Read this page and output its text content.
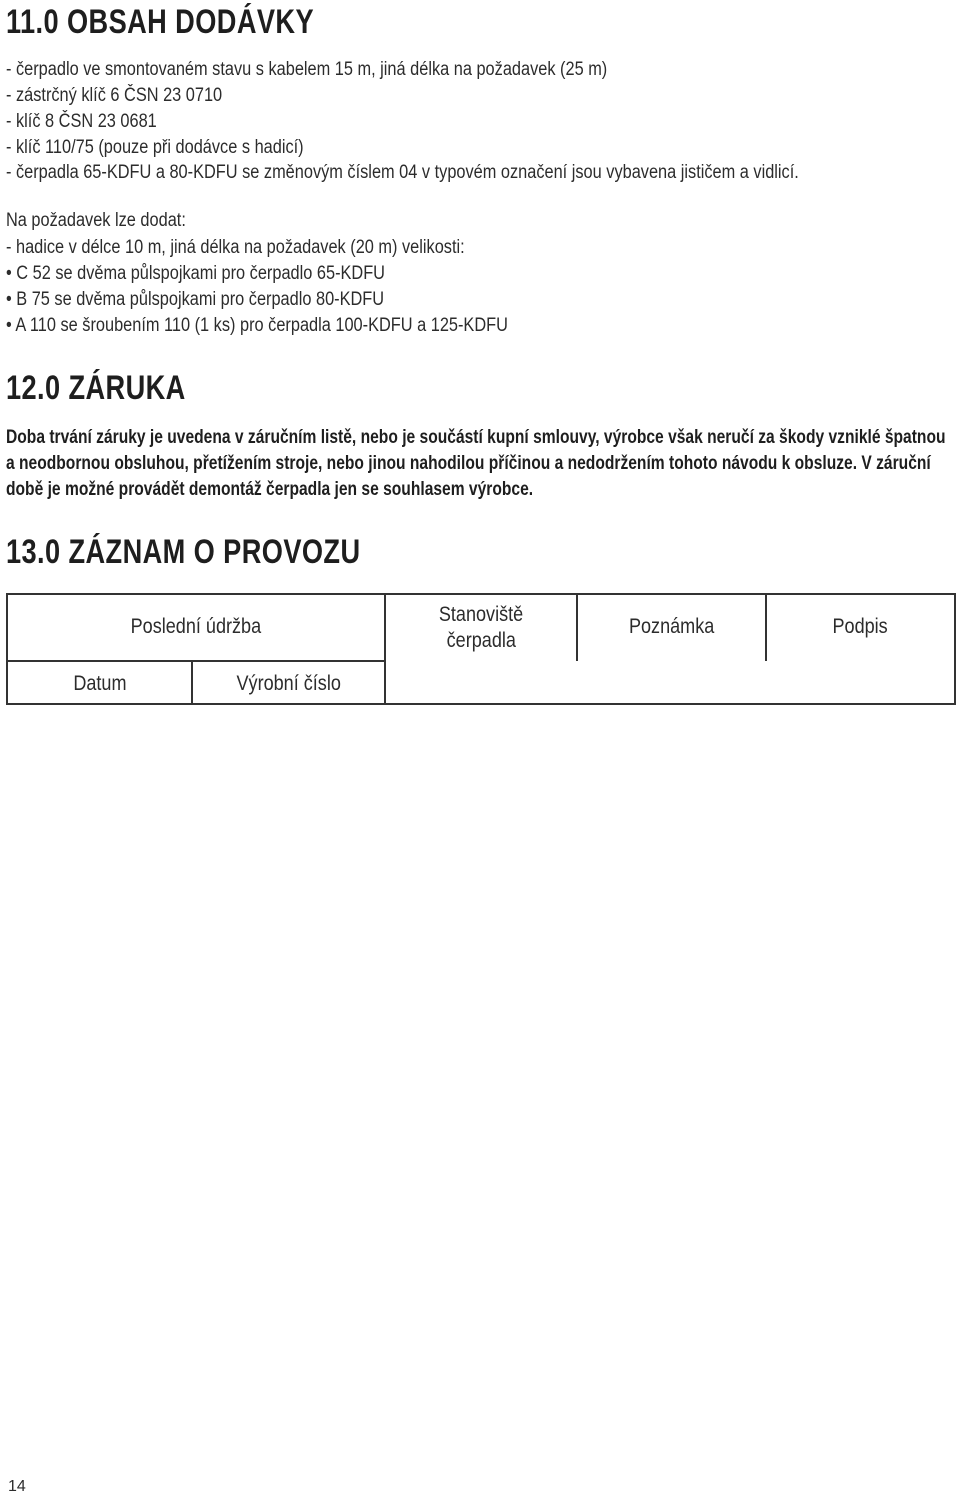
11.0 OBSAH DODÁVKY
- čerpadlo ve smontovaném stavu s kabelem 15 m, jiná délka na požadavek (25 m)
- zástrčný klíč 6 ČSN 23 0710
- klíč 8 ČSN 23 0681
- klíč 110/75 (pouze při dodávce s hadicí)
- čerpadla 65-KDFU a 80-KDFU se změnovým číslem 04 v typovém označení jsou vybavena jističem a vidlicí.
Na požadavek lze dodat:
- hadice v délce 10 m, jiná délka na požadavek (20 m) velikosti:
• C 52 se dvěma půlspojkami pro čerpadlo 65-KDFU
• B 75 se dvěma půlspojkami pro čerpadlo 80-KDFU
• A 110 se šroubením 110 (1 ks) pro čerpadla 100-KDFU a 125-KDFU
12.0 ZÁRUKA
Doba trvání záruky je uvedena v záručním listě, nebo je součástí kupní smlouvy, výrobce však neručí za škody vzniklé špatnou
a neodbornou obsluhou, přetížením stroje, nebo jinou nahodilou příčinou a nedodržením tohoto návodu k obsluze. V záruční
době je možné provádět demontáž čerpadla jen se souhlasem výrobce.
13.0 ZÁZNAM O PROVOZU
Poslední údržba
Stanoviště
čerpadla
Poznámka	Podpis
Datum	Výrobní číslo
14
